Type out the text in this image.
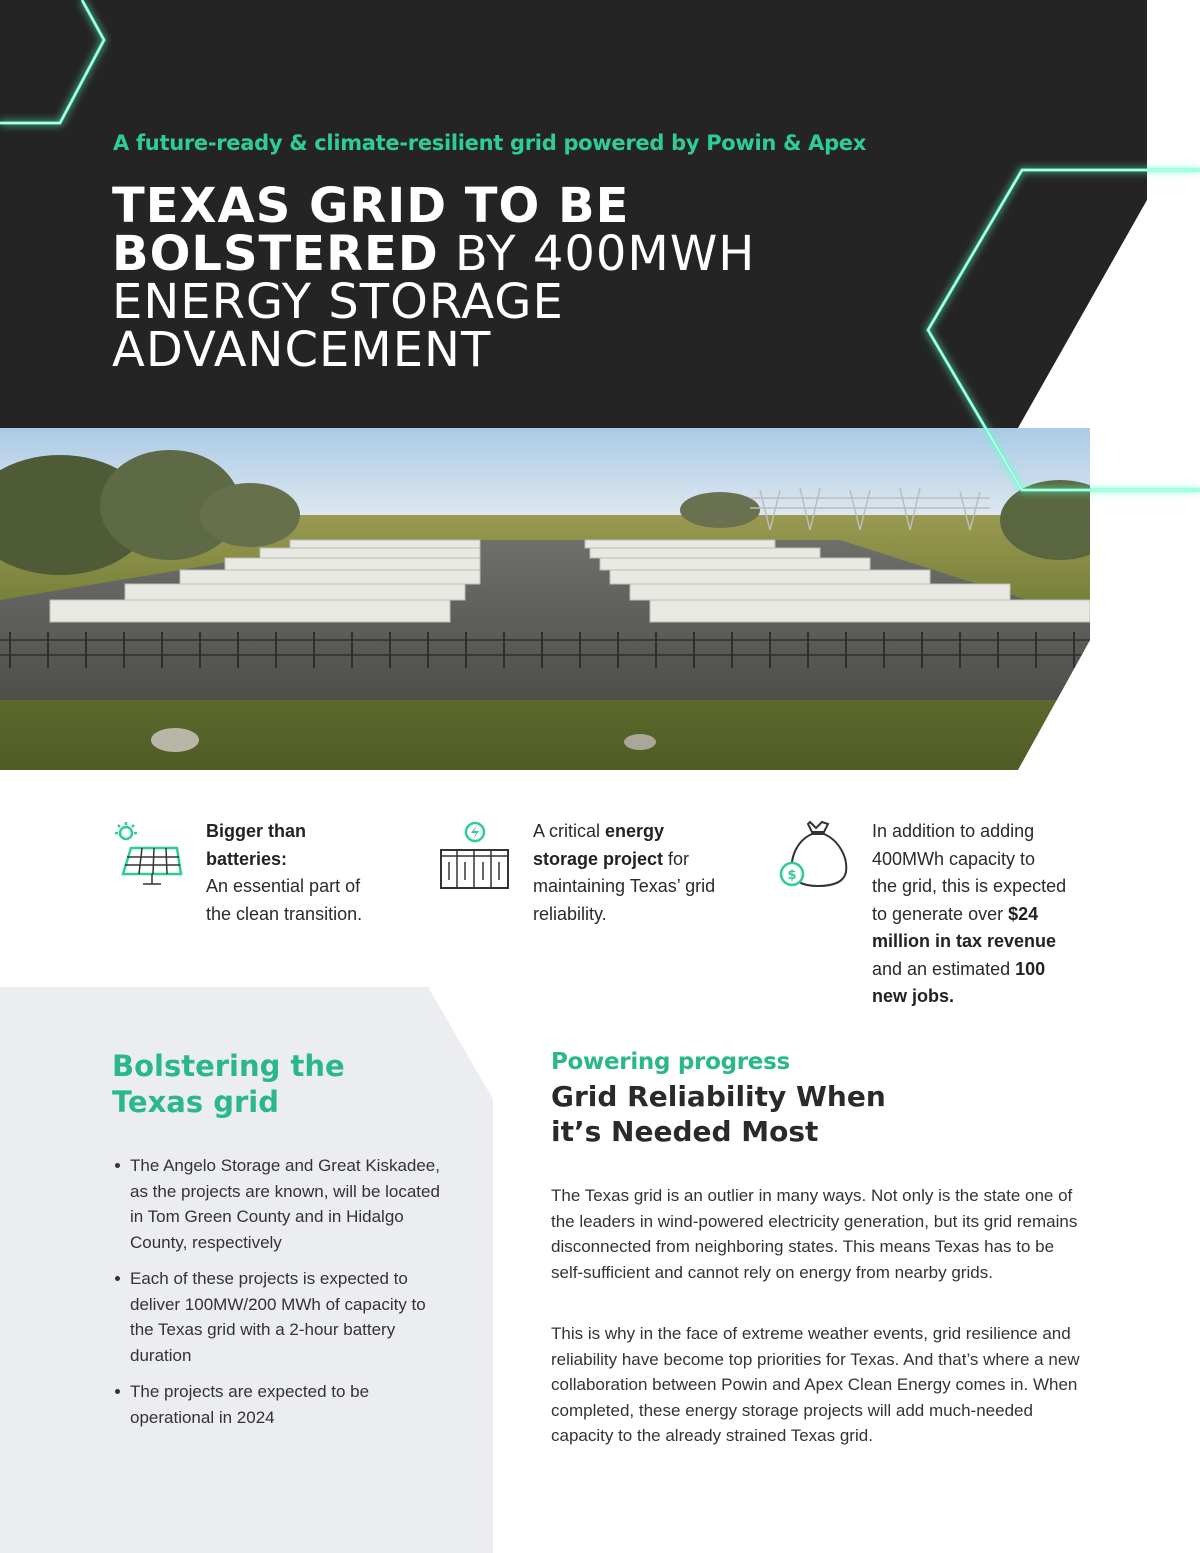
A future-ready & climate-resilient grid powered by Powin & Apex
TEXAS GRID TO BE
BOLSTERED BY 400MWH
ENERGY STORAGE
ADVANCEMENT
Bigger than
batteries:
An essential part of
the clean transition.
A critical energy
storage project for
maintaining Texas’ grid
reliability.
$
In addition to adding
400MWh capacity to
the grid, this is expected
to generate over $24
million in tax revenue
and an estimated 100
new jobs.
Bolstering the
Texas grid
The Angelo Storage and Great Kiskadee, as the projects are known, will be located in Tom Green County and in Hidalgo County, respectively
Each of these projects is expected to deliver 100MW/200 MWh of capacity to the Texas grid with a 2-hour battery duration
The projects are expected to be operational in 2024
Powering progress
Grid Reliability When
it’s Needed Most

The Texas grid is an outlier in many ways. Not only is the state one of the leaders in wind-powered electricity generation, but its grid remains disconnected from neighboring states. This means Texas has to be self-sufficient and cannot rely on energy from nearby grids.

This is why in the face of extreme weather events, grid resilience and reliability have become top priorities for Texas. And that’s where a new collaboration between Powin and Apex Clean Energy comes in. When completed, these energy storage projects will add much-needed capacity to the already strained Texas grid.
